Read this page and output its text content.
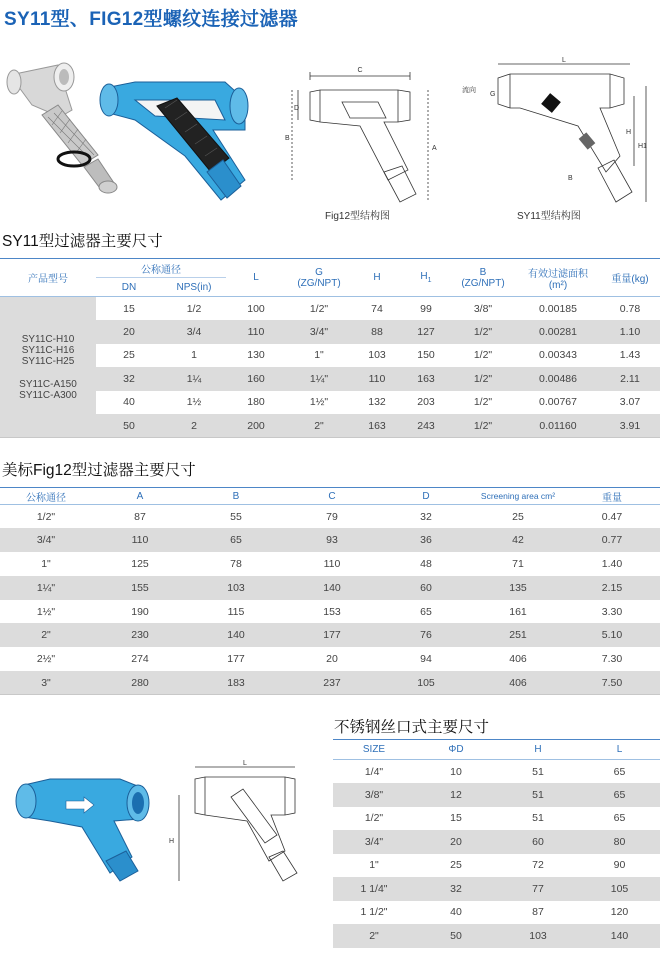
SY11型、FIG12型螺纹连接过滤器
C
D
B
A
Fig12型结构图
L
G
流向
H
H1
B
SY11型结构图
SY11型过滤器主要尺寸
产品型号	公称通径		L	G
(ZG/NPT)	H	$H_1$	B
(ZG/NPT)	有效过滤面积
(m²)	重量(kg)
	DN	NPS(in)							

SY11C-H10
SY11C-H16
SY11C-H25
SY11C-A150
SY11C-A300	15	1/2	100	1/2"	74	99	3/8"	0.00185	0.78
	20	3/4	110	3/4"	88	127	1/2"	0.00281	1.10
	25	1	130	1"	103	150	1/2"	0.00343	1.43
	32	1¼	160	1¼"	110	163	1/2"	0.00486	2.11
	40	1½	180	1½"	132	203	1/2"	0.00767	3.07
	50	2	200	2"	163	243	1/2"	0.01160	3.91
美标Fig12型过滤器主要尺寸
公称通径	A	B	C	D	Screening area cm²	重量
1/2"	87	55	79	32	25	0.47
3/4"	110	65	93	36	42	0.77
1"	125	78	110	48	71	1.40
1¼"	155	103	140	60	135	2.15
1½"	190	115	153	65	161	3.30
2"	230	140	177	76	251	5.10
2½"	274	177	20	94	406	7.30
3"	280	183	237	105	406	7.50
L
H
不锈钢丝口式主要尺寸
SIZE	ΦD	H	L
1/4"	10	51	65
3/8"	12	51	65
1/2"	15	51	65
3/4"	20	60	80
1"	25	72	90
1 1/4"	32	77	105
1 1/2"	40	87	120
2"	50	103	140
